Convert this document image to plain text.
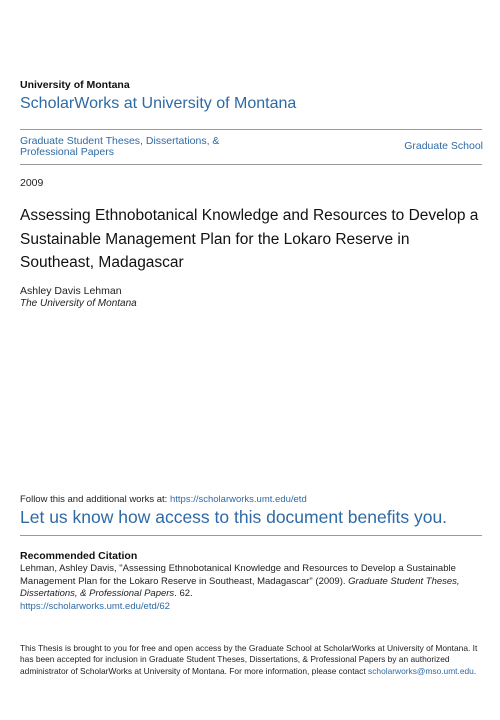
University of Montana
ScholarWorks at University of Montana
Graduate Student Theses, Dissertations, & Professional Papers	Graduate School
2009
Assessing Ethnobotanical Knowledge and Resources to Develop a Sustainable Management Plan for the Lokaro Reserve in Southeast, Madagascar
Ashley Davis Lehman
The University of Montana
Follow this and additional works at: https://scholarworks.umt.edu/etd
Let us know how access to this document benefits you.
Recommended Citation
Lehman, Ashley Davis, "Assessing Ethnobotanical Knowledge and Resources to Develop a Sustainable Management Plan for the Lokaro Reserve in Southeast, Madagascar" (2009). Graduate Student Theses, Dissertations, & Professional Papers. 62.
https://scholarworks.umt.edu/etd/62
This Thesis is brought to you for free and open access by the Graduate School at ScholarWorks at University of Montana. It has been accepted for inclusion in Graduate Student Theses, Dissertations, & Professional Papers by an authorized administrator of ScholarWorks at University of Montana. For more information, please contact scholarworks@mso.umt.edu.
